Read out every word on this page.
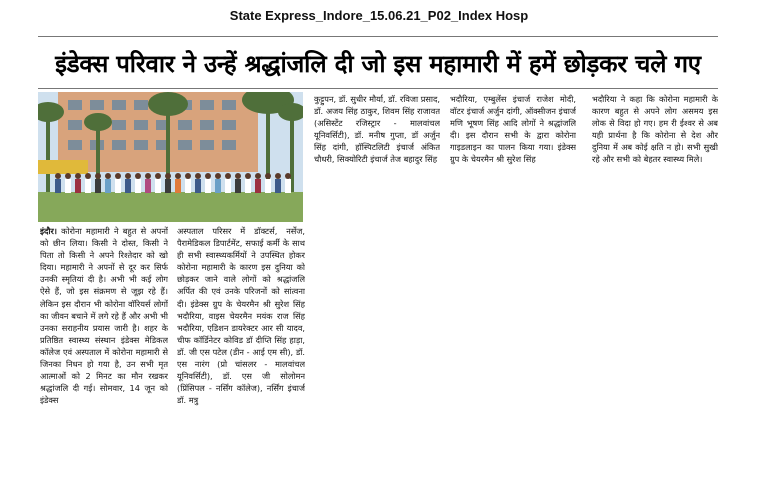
State Express_Indore_15.06.21_P02_Index Hosp
इंडेक्स परिवार ने उन्हें श्रद्धांजलि दी जो इस महामारी में हमें छोड़कर चले गए
इंदौर। कोरोना महामारी ने बहुत से अपनों को छीन लिया। किसी ने दोस्त, किसी ने पिता तो किसी ने अपने रिश्तेदार को खो दिया। महामारी ने अपनों से दूर कर सिर्फ उनकी स्मृतियां दी है। अभी भी कई लोग ऐसे हैं, जो इस संक्रमण से जूझ रहे हैं। लेकिन इस दौरान भी कोरोना वॉरियर्स लोगों का जीवन बचाने में लगे रहे हैं और अभी भी उनका सराहनीय प्रयास जारी है। शहर के प्रतिष्ठित स्वास्थ्य संस्थान इंडेक्स मेडिकल कॉलेज एवं अस्पताल में कोरोना महामारी से जिनका निधन हो गया है, उन सभी मृत आत्माओं को 2 मिनट का मौन रखकर श्रद्धांजलि दी गई। सोमवार, 14 जून को इंडेक्स
अस्पताल परिसर में डॉक्टर्स, नर्सेज, पैरामेडिकल डिपार्टमेंट, सफाई कर्मी के साथ ही सभी स्वास्थ्यकर्मियों ने उपस्थित होकर कोरोना महामारी के कारण इस दुनिया को छोड़कर जाने वाले लोगों को श्रद्धांजलि अर्पित की एवं उनके परिजनों को सांत्वना दी। इंडेक्स ग्रुप के चेयरमैन श्री सुरेश सिंह भदौरिया, वाइस चेयरमैन मयंक राज सिंह भदौरिया, एडिशन डायरेक्टर आर सी यादव, चीफ कॉर्डिनेटर कोविड डॉ दीप्ति सिंह हाड़ा, डॉ. जी एस पटेल (डीन - आई एम सी), डॉ. एस नारंग (प्रो चांसलर - मालवांचल यूनिवर्सिटी), डॉ. एस जी सोलोमन (प्रिंसिपल - नर्सिंग कॉलेज), नर्सिंग इंचार्ज डॉ. मत्रु
कुट्टुपन, डॉ. सुधीर मौर्या, डॉ. रविजा प्रसाद, डॉ. अजय सिंह ठाकुर, शिवम सिंह राजावत (असिस्टेंट रजिस्ट्रार - मालवांचल यूनिवर्सिटी), डॉ. मनीष गुप्ता, डॉ अर्जुन सिंह दांगी, हॉस्पिटलिटी इंचार्ज अंकित चौधरी, सिक्योरिटी इंचार्ज तेज बहादुर सिंह
भदौरिया, एम्बुलेंस इंचार्ज राजेश मोदी, वॉटर इंचार्ज अर्जुन दांगी, ऑक्सीजन इंचार्ज मणि भूषण सिंह आदि लोगों ने श्रद्धांजलि दी। इस दौरान सभी के द्वारा कोरोना गाइडलाइन का पालन किया गया। इंडेक्स ग्रुप के चेयरमैन श्री सुरेश सिंह
भदौरिया ने कहा कि कोरोना महामारी के कारण बहुत से अपने लोग असमय इस लोक से विदा हो गए। हम री ईश्वर से अब यही प्रार्थना है कि कोरोना से देश और दुनिया में अब कोई क्षति न हो। सभी सुखी रहे और सभी को बेहतर स्वास्थ्य मिले।
